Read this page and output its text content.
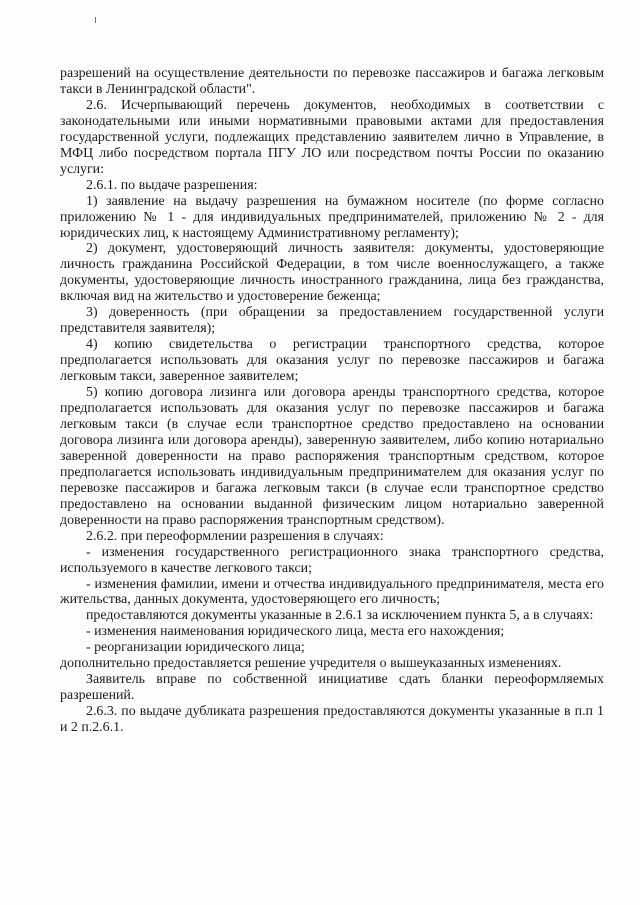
разрешений на осуществление деятельности по перевозке пассажиров и багажа легковым такси в Ленинградской области".

2.6. Исчерпывающий перечень документов, необходимых в соответствии с законодательными или иными нормативными правовыми актами для предоставления государственной услуги, подлежащих представлению заявителем лично в Управление, в МФЦ либо посредством портала ПГУ ЛО или посредством почты России по оказанию услуги:

2.6.1. по выдаче разрешения:

1) заявление на выдачу разрешения на бумажном носителе (по форме согласно приложению № 1 - для индивидуальных предпринимателей, приложению № 2 - для юридических лиц, к настоящему Административному регламенту);

2) документ, удостоверяющий личность заявителя: документы, удостоверяющие личность гражданина Российской Федерации, в том числе военнослужащего, а также документы, удостоверяющие личность иностранного гражданина, лица без гражданства, включая вид на жительство и удостоверение беженца;

3) доверенность (при обращении за предоставлением государственной услуги представителя заявителя);

4) копию свидетельства о регистрации транспортного средства, которое предполагается использовать для оказания услуг по перевозке пассажиров и багажа легковым такси, заверенное заявителем;

5) копию договора лизинга или договора аренды транспортного средства, которое предполагается использовать для оказания услуг по перевозке пассажиров и багажа легковым такси (в случае если транспортное средство предоставлено на основании договора лизинга или договора аренды), заверенную заявителем, либо копию нотариально заверенной доверенности на право распоряжения транспортным средством, которое предполагается использовать индивидуальным предпринимателем для оказания услуг по перевозке пассажиров и багажа легковым такси (в случае если транспортное средство предоставлено на основании выданной физическим лицом нотариально заверенной доверенности на право распоряжения транспортным средством).

2.6.2. при переоформлении разрешения в случаях:

- изменения государственного регистрационного знака транспортного средства, используемого в качестве легкового такси;

- изменения фамилии, имени и отчества индивидуального предпринимателя, места его жительства, данных документа, удостоверяющего его личность;

предоставляются документы указанные в 2.6.1 за исключением пункта 5, а в случаях:

- изменения наименования юридического лица, места его нахождения;

- реорганизации юридического лица;

дополнительно предоставляется решение учредителя о вышеуказанных изменениях.

Заявитель вправе по собственной инициативе сдать бланки переоформляемых разрешений.

2.6.3. по выдаче дубликата разрешения предоставляются документы указанные в п.п 1 и 2 п.2.6.1.
